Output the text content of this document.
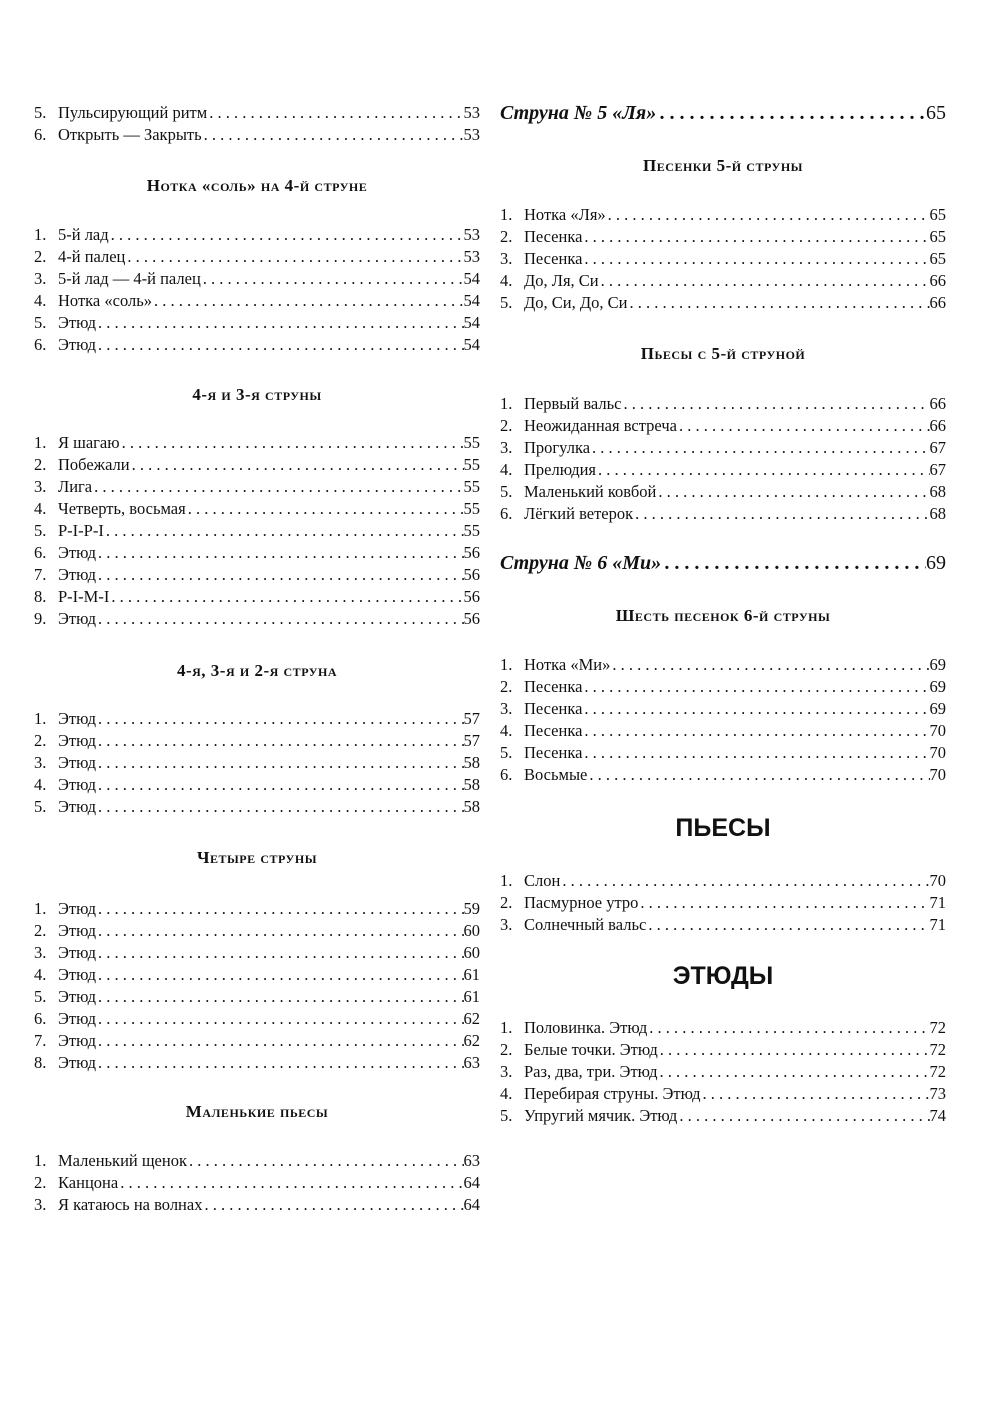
5. Пульсирующий ритм . . .	53
6. Открыть — Закрыть . . .	53
Нотка «соль» на 4-й струне
1. 5-й лад . . .	53
2. 4-й палец . . .	53
3. 5-й лад — 4-й палец . . .	54
4. Нотка «соль» . . .	54
5. Этюд . . .	54
6. Этюд . . .	54
4-я и 3-я струны
1. Я шагаю . . .	55
2. Побежали . . .	55
3. Лига . . .	55
4. Четверть, восьмая . . .	55
5. P-I-P-I . . .	55
6. Этюд . . .	56
7. Этюд . . .	56
8. P-I-M-I . . .	56
9. Этюд . . .	56
4-я, 3-я и 2-я струна
1. Этюд . . .	57
2. Этюд . . .	57
3. Этюд . . .	58
4. Этюд . . .	58
5. Этюд . . .	58
Четыре струны
1. Этюд . . .	59
2. Этюд . . .	60
3. Этюд . . .	60
4. Этюд . . .	61
5. Этюд . . .	61
6. Этюд . . .	62
7. Этюд . . .	62
8. Этюд . . .	63
Маленькие пьесы
1. Маленький щенок . . .	63
2. Канцона . . .	64
3. Я катаюсь на волнах . . .	64
Струна № 5 «Ля» . . .	65
Песенки 5-й струны
1. Нотка «Ля» . . .	65
2. Песенка . . .	65
3. Песенка . . .	65
4. До, Ля, Си . . .	66
5. До, Си, До, Си . . .	66
Пьесы с 5-й струной
1. Первый вальс . . .	66
2. Неожиданная встреча . . .	66
3. Прогулка . . .	67
4. Прелюдия . . .	67
5. Маленький ковбой . . .	68
6. Лёгкий ветерок . . .	68
Струна № 6 «Ми» . . .	69
Шесть песенок 6-й струны
1. Нотка «Ми» . . .	69
2. Песенка . . .	69
3. Песенка . . .	69
4. Песенка . . .	70
5. Песенка . . .	70
6. Восьмые . . .	70
ПЬЕСЫ
1. Слон . . .	70
2. Пасмурное утро . . .	71
3. Солнечный вальс . . .	71
ЭТЮДЫ
1. Половинка. Этюд . . .	72
2. Белые точки. Этюд . . .	72
3. Раз, два, три. Этюд . . .	72
4. Перебирая струны. Этюд . . .	73
5. Упругий мячик. Этюд . . .	74
